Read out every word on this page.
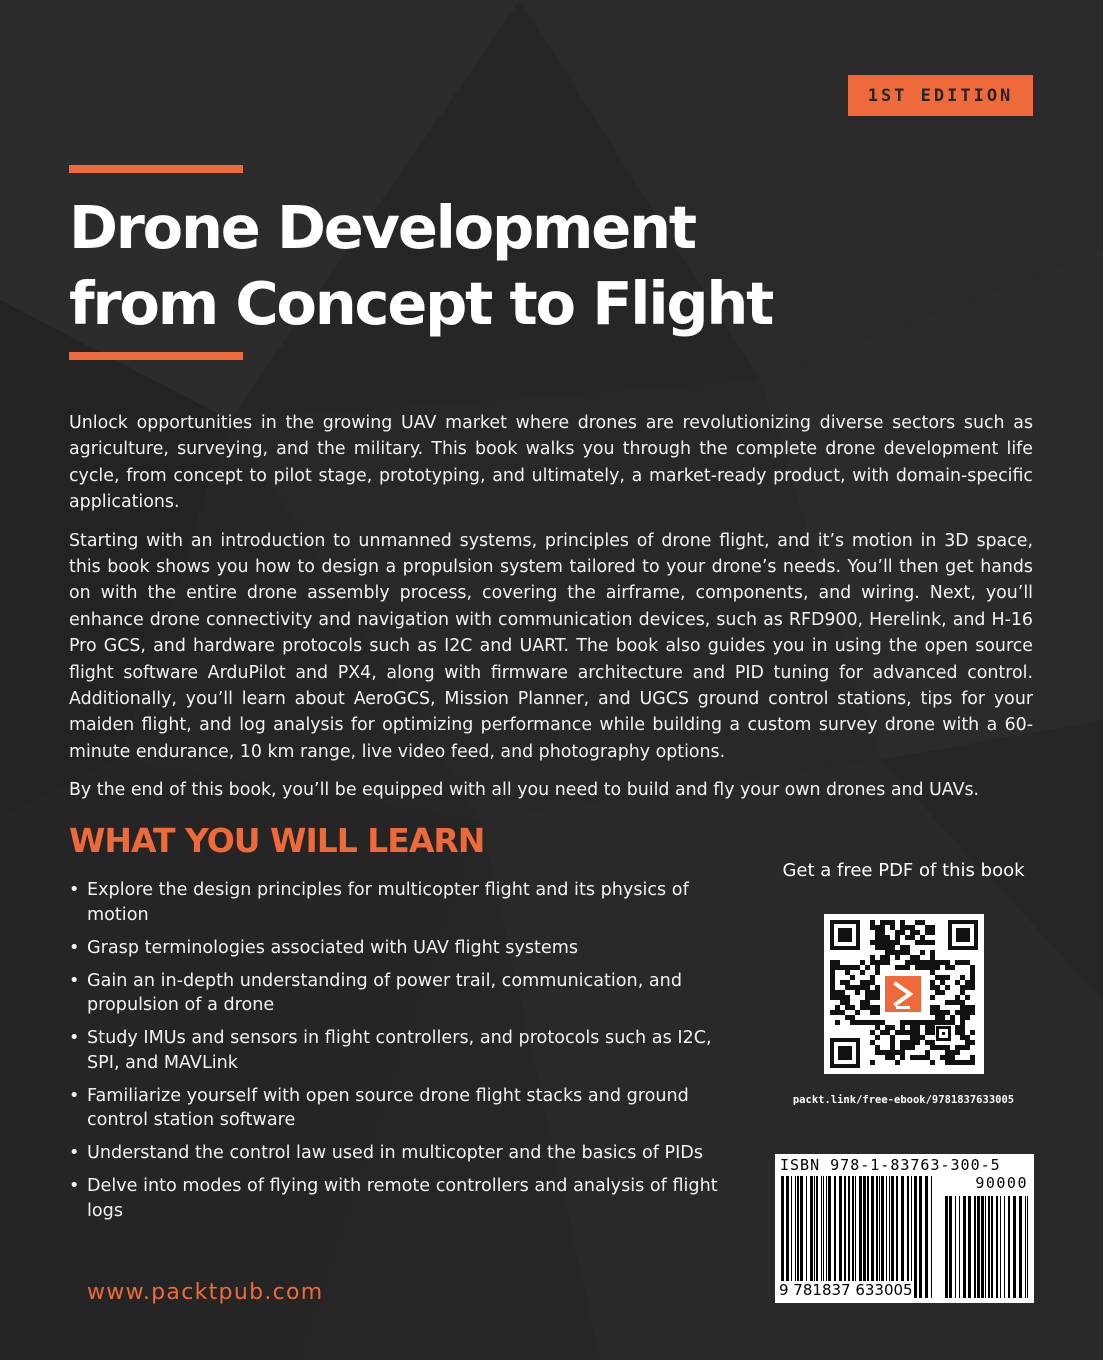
1ST EDITION
Drone Development
from Concept to Flight

Unlock opportunities in the growing UAV market where drones are revolutionizing diverse sectors such as agriculture, surveying, and the military. This book walks you through the complete drone development life cycle, from concept to pilot stage, prototyping, and ultimately, a market-ready product, with domain-specific applications.

Starting with an introduction to unmanned systems, principles of drone flight, and it’s motion in 3D space, this book shows you how to design a propulsion system tailored to your drone’s needs. You’ll then get hands on with the entire drone assembly process, covering the airframe, components, and wiring. Next, you’ll enhance drone connectivity and navigation with communication devices, such as RFD900, Herelink, and H-16 Pro GCS, and hardware protocols such as I2C and UART. The book also guides you in using the open source flight software ArduPilot and PX4, along with firmware architecture and PID tuning for advanced control. Additionally, you’ll learn about AeroGCS, Mission Planner, and UGCS ground control stations, tips for your maiden flight, and log analysis for optimizing performance while building a custom survey drone with a 60-minute endurance, 10 km range, live video feed, and photography options.

By the end of this book, you’ll be equipped with all you need to build and fly your own drones and UAVs.

WHAT YOU WILL LEARN
• Explore the design principles for multicopter flight and its physics of motion
• Grasp terminologies associated with UAV flight systems
• Gain an in-depth understanding of power trail, communication, and propulsion of a drone
• Study IMUs and sensors in flight controllers, and protocols such as I2C, SPI, and MAVLink
• Familiarize yourself with open source drone flight stacks and ground control station software
• Understand the control law used in multicopter and the basics of PIDs
• Delve into modes of flying with remote controllers and analysis of flight logs
www.packtpub.com
Get a free PDF of this book
packt.link/free-ebook/9781837633005
ISBN 978-1-83763-300-5
90000
9 781837 633005
